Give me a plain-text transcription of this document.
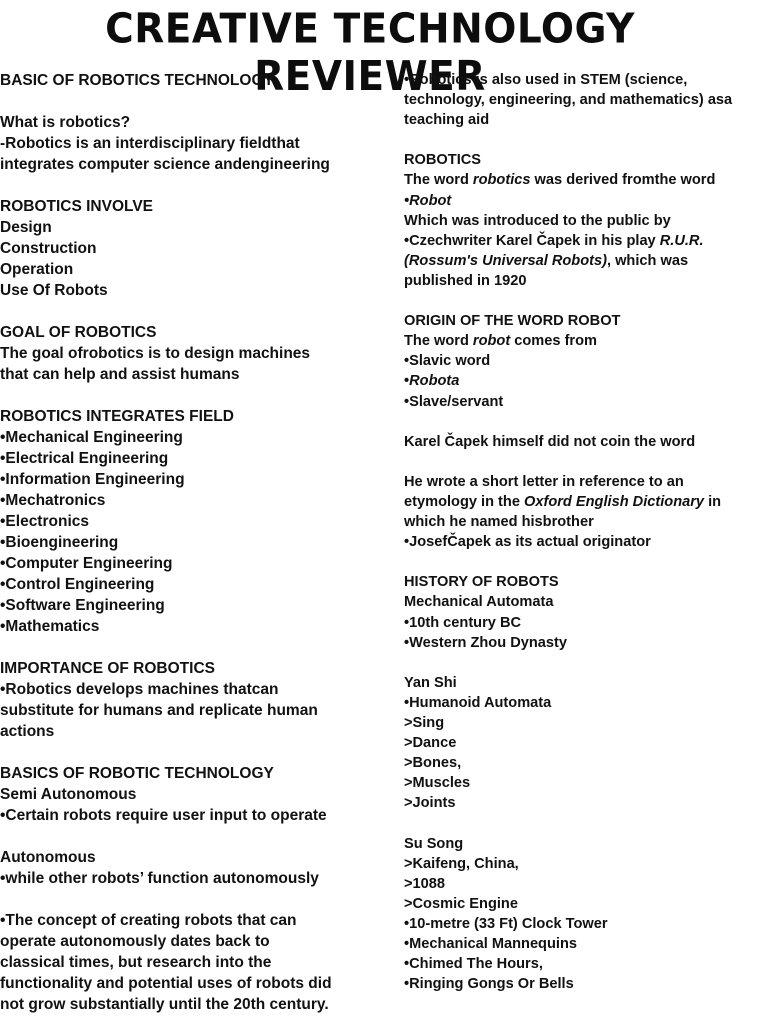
CREATIVE TECHNOLOGY REVIEWER
BASIC OF ROBOTICS TECHNOLOGY
What is robotics?
-Robotics is an interdisciplinary fieldthat
integrates computer science andengineering
ROBOTICS INVOLVE
Design
Construction
Operation
Use Of Robots
GOAL OF ROBOTICS
The goal ofrobotics is to design machines
that can help and assist humans
ROBOTICS INTEGRATES FIELD
•Mechanical Engineering
•Electrical Engineering
•Information Engineering
•Mechatronics
•Electronics
•Bioengineering
•Computer Engineering
•Control Engineering
•Software Engineering
•Mathematics
IMPORTANCE OF ROBOTICS
•Robotics develops machines thatcan
substitute for humans and replicate human
actions
BASICS OF ROBOTIC TECHNOLOGY
Semi Autonomous
•Certain robots require user input to operate
Autonomous
•while other robots’ function autonomously
•The concept of creating robots that can
operate autonomously dates back to
classical times, but research into the
functionality and potential uses of robots did
not grow substantially until the 20th century.
•Robotics is also used in STEM (science,
technology, engineering, and mathematics) asa
teaching aid
ROBOTICS
The word robotics was derived fromthe word
•Robot
Which was introduced to the public by
•Czechwriter Karel Čapek in his play R.U.R.
(Rossum's Universal Robots), which was
published in 1920
ORIGIN OF THE WORD ROBOT
The word robot comes from
•Slavic word
•Robota
•Slave/servant
Karel Čapek himself did not coin the word
He wrote a short letter in reference to an
etymology in the Oxford English Dictionary in
which he named hisbrother
•JosefČapek as its actual originator
HISTORY OF ROBOTS
Mechanical Automata
•10th century BC
•Western Zhou Dynasty
Yan Shi
•Humanoid Automata
>Sing
>Dance
>Bones,
>Muscles
>Joints
Su Song
>Kaifeng, China,
>1088
>Cosmic Engine
•10-metre (33 Ft) Clock Tower
•Mechanical Mannequins
•Chimed The Hours,
•Ringing Gongs Or Bells
